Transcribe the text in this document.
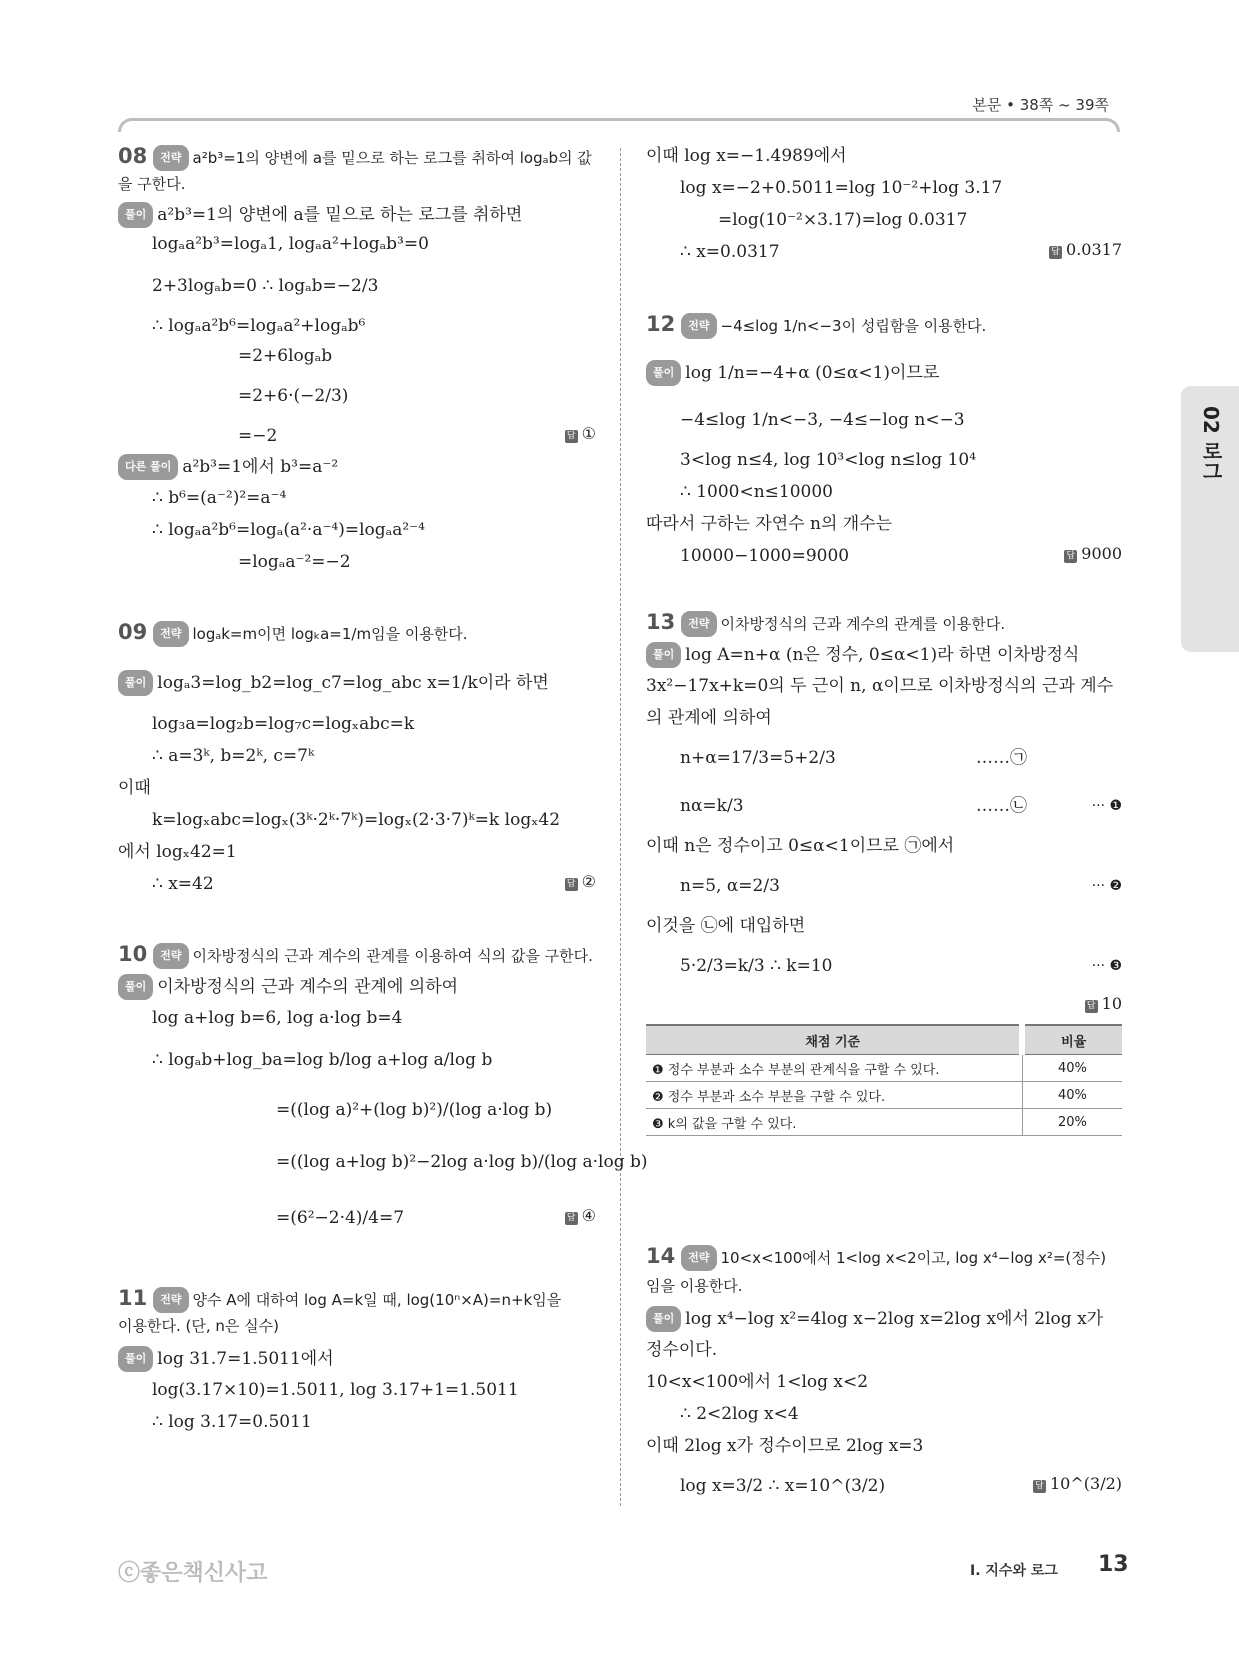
본문 • 38쪽 ~ 39쪽
02 로그
08 전략 a²b³=1의 양변에 a를 밑으로 하는 로그를 취하여 logₐb의 값
을 구한다.
풀이 a²b³=1의 양변에 a를 밑으로 하는 로그를 취하면
logₐa²b³=logₐ1, logₐa²+logₐb³=0
2+3logₐb=0 ∴ logₐb=−2/3
∴ logₐa²b⁶=logₐa²+logₐb⁶
=2+6logₐb
=2+6·(−2/3)
=−2	답 ①
다른 풀이 a²b³=1에서 b³=a⁻²
∴ b⁶=(a⁻²)²=a⁻⁴
∴ logₐa²b⁶=logₐ(a²·a⁻⁴)=logₐa²⁻⁴
=logₐa⁻²=−2
09 전략 logₐk=m이면 logₖa=1/m임을 이용한다.
풀이 logₐ3=log_b2=log_c7=log_abc x=1/k이라 하면
log₃a=log₂b=log₇c=logₓabc=k
∴ a=3ᵏ, b=2ᵏ, c=7ᵏ
이때
k=logₓabc=logₓ(3ᵏ·2ᵏ·7ᵏ)=logₓ(2·3·7)ᵏ=k logₓ42
에서 logₓ42=1
∴ x=42	답 ②
10 전략 이차방정식의 근과 계수의 관계를 이용하여 식의 값을 구한다.
풀이 이차방정식의 근과 계수의 관계에 의하여
log a+log b=6, log a·log b=4
∴ logₐb+log_ba=log b/log a+log a/log b
=((log a)²+(log b)²)/(log a·log b)
=((log a+log b)²−2log a·log b)/(log a·log b)
=(6²−2·4)/4=7	답 ④
11 전략 양수 A에 대하여 log A=k일 때, log(10ⁿ×A)=n+k임을
이용한다. (단, n은 실수)
풀이 log 31.7=1.5011에서
log(3.17×10)=1.5011, log 3.17+1=1.5011
∴ log 3.17=0.5011
이때 log x=−1.4989에서
log x=−2+0.5011=log 10⁻²+log 3.17
=log(10⁻²×3.17)=log 0.0317
∴ x=0.0317	답 0.0317
12 전략 −4≤log 1/n<−3이 성립함을 이용한다.
풀이 log 1/n=−4+α (0≤α<1)이므로
−4≤log 1/n<−3, −4≤−log n<−3
3<log n≤4, log 10³<log n≤log 10⁴
∴ 1000<n≤10000
따라서 구하는 자연수 n의 개수는
10000−1000=9000	답 9000
13 전략 이차방정식의 근과 계수의 관계를 이용한다.
풀이 log A=n+α (n은 정수, 0≤α<1)라 하면 이차방정식
3x²−17x+k=0의 두 근이 n, α이므로 이차방정식의 근과 계수
의 관계에 의하여
n+α=17/3=5+2/3	……㉠
nα=k/3	……㉡	··· ❶
이때 n은 정수이고 0≤α<1이므로 ㉠에서
n=5, α=2/3	··· ❷
이것을 ㉡에 대입하면
5·2/3=k/3 ∴ k=10	··· ❸
답 10
채점 기준	비율
❶ 정수 부분과 소수 부분의 관계식을 구할 수 있다.	40%
❷ 정수 부분과 소수 부분을 구할 수 있다.	40%
❸ k의 값을 구할 수 있다.	20%
14 전략 10<x<100에서 1<log x<2이고, log x⁴−log x²=(정수)
임을 이용한다.
풀이 log x⁴−log x²=4log x−2log x=2log x에서 2log x가
정수이다.
10<x<100에서 1<log x<2
∴ 2<2log x<4
이때 2log x가 정수이므로 2log x=3
log x=3/2 ∴ x=10^(3/2)	답 10^(3/2)
ⓒ좋은책신사고	Ⅰ. 지수와 로그 13
